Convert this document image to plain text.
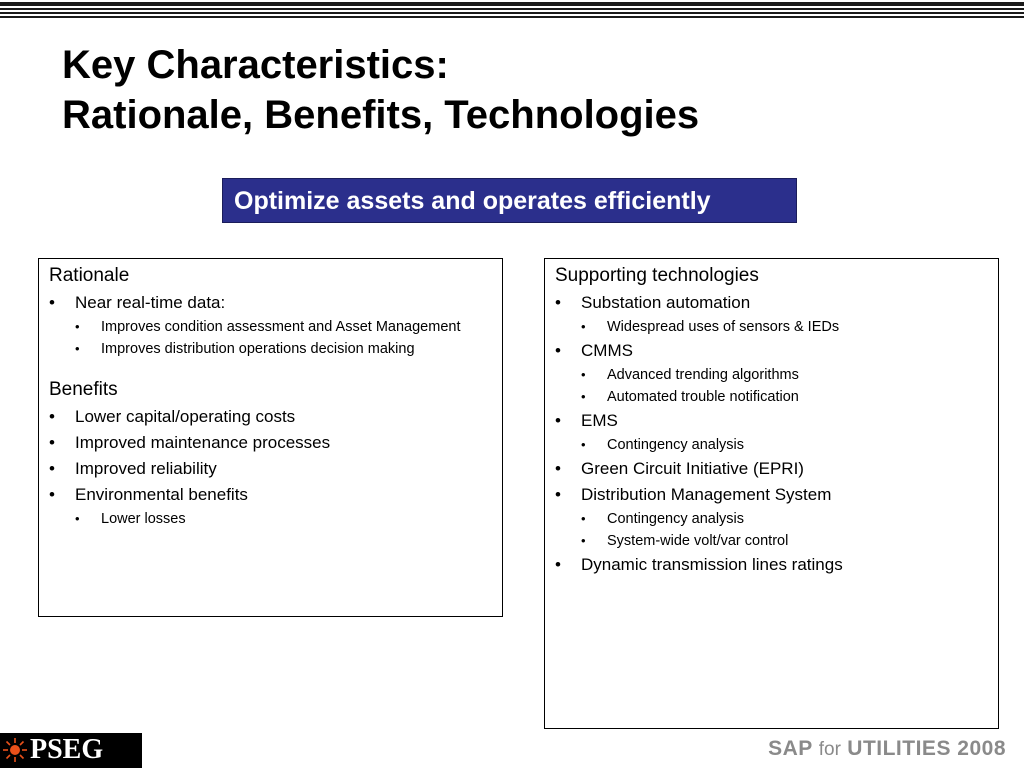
Key Characteristics:
Rationale, Benefits, Technologies
Optimize assets and operates efficiently
Rationale
• Near real-time data:
• Improves condition assessment and Asset Management
• Improves distribution operations decision making
Benefits
• Lower capital/operating costs
• Improved maintenance processes
• Improved reliability
• Environmental benefits
• Lower losses
Supporting technologies
• Substation automation
• Widespread uses of sensors & IEDs
• CMMS
• Advanced trending algorithms
• Automated trouble notification
• EMS
• Contingency analysis
• Green Circuit Initiative (EPRI)
• Distribution Management System
• Contingency analysis
• System-wide volt/var control
• Dynamic transmission lines ratings
PSEG	SAP for UTILITIES 2008
